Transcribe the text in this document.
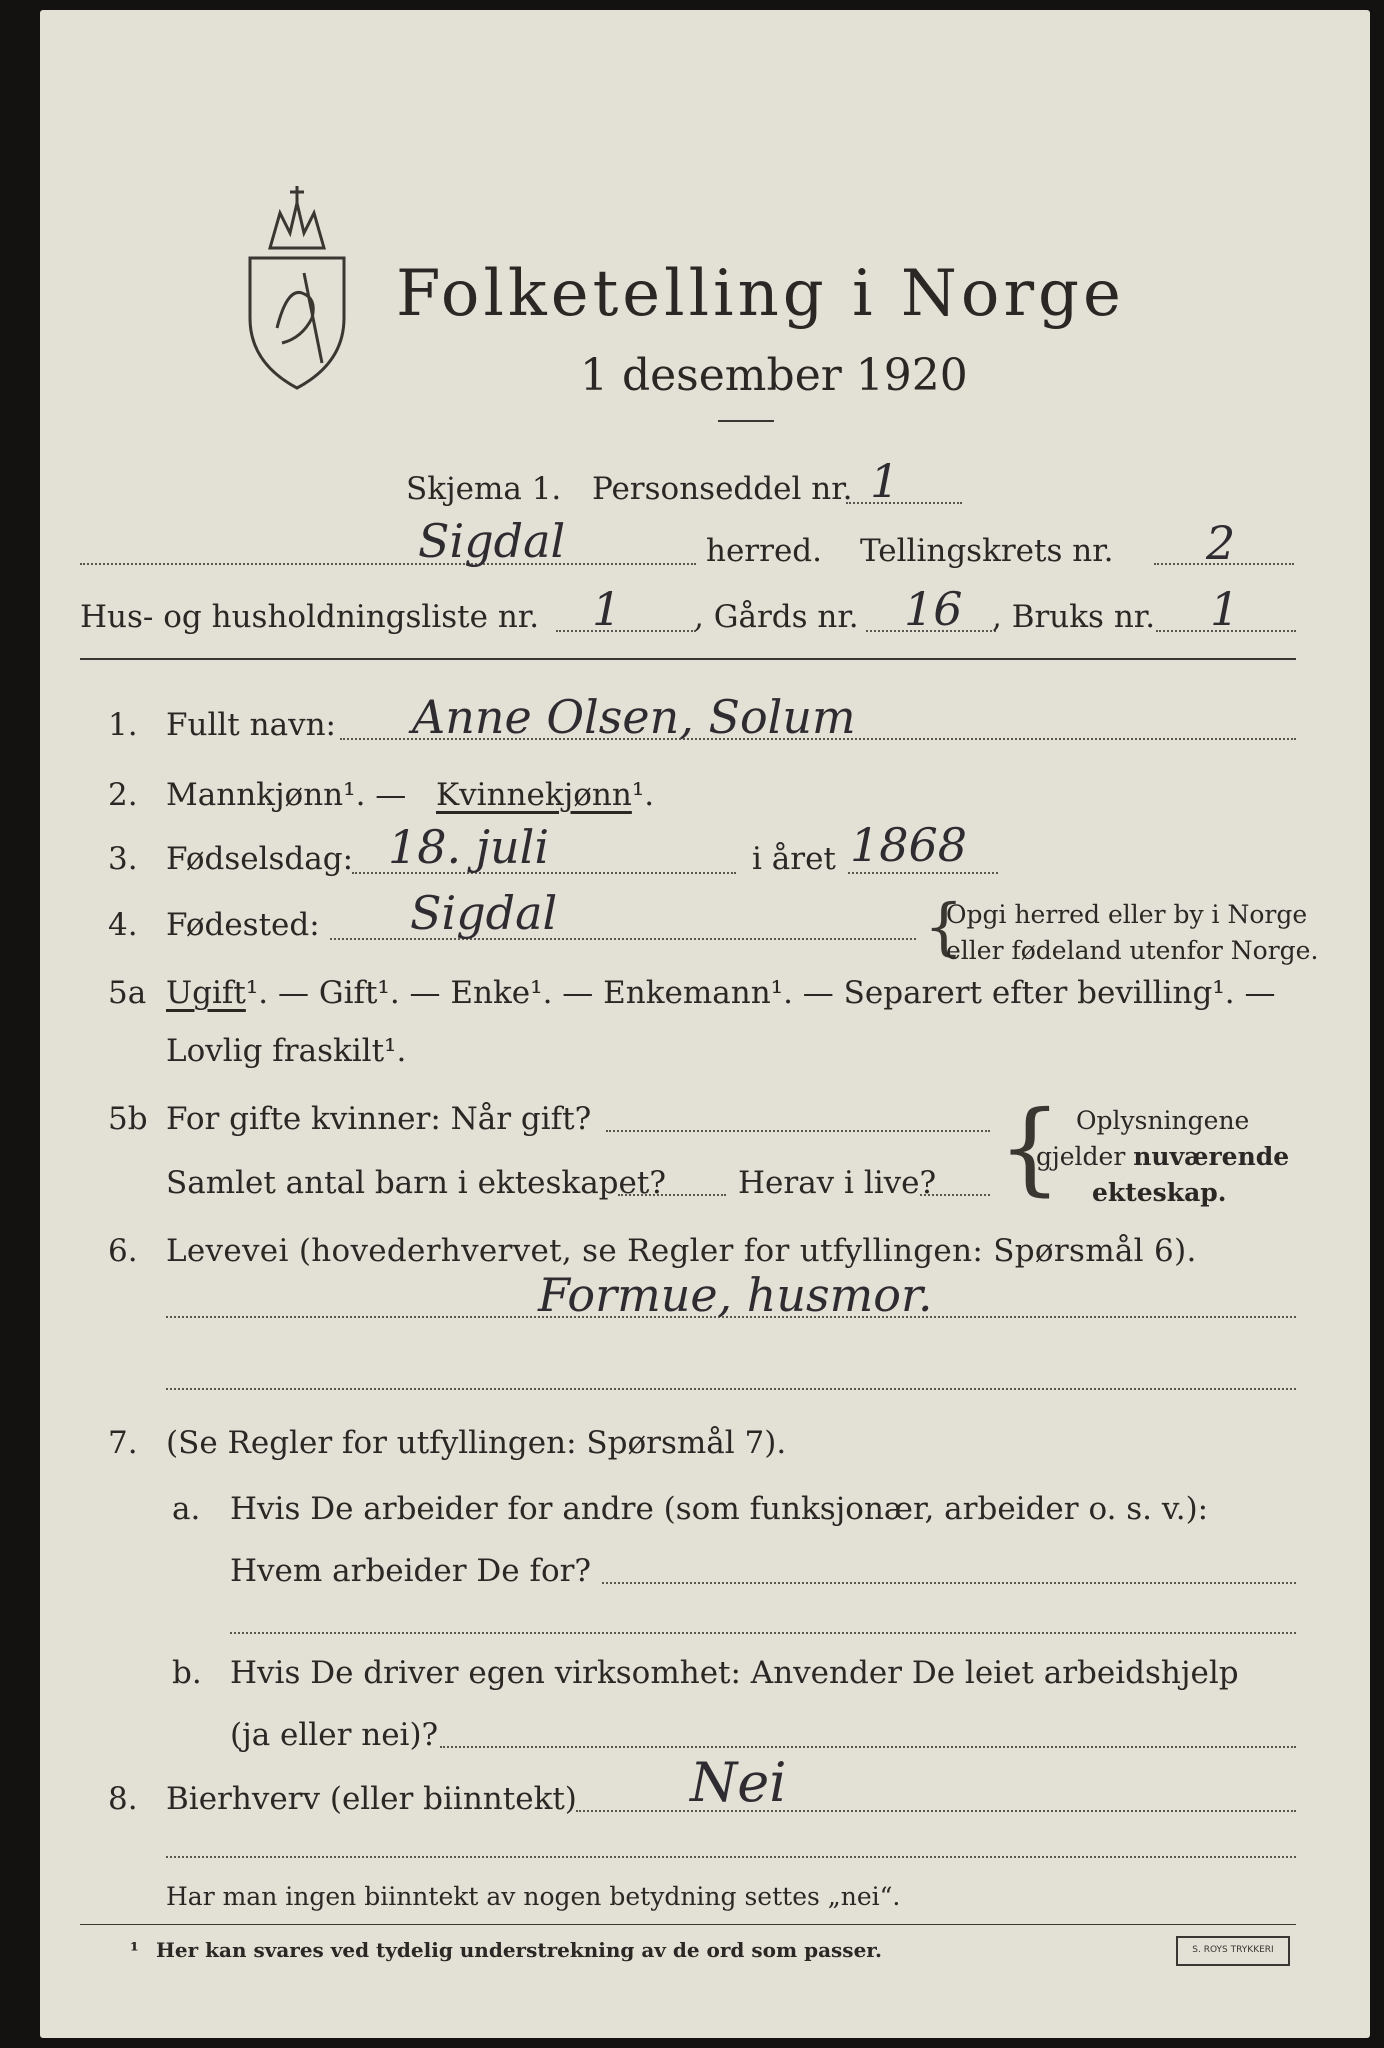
Folketelling i Norge
1 desember 1920
Skjema 1. Personseddel nr. 1
Sigdal	herred. Tellingskrets nr. 2
Hus- og husholdningsliste nr. 1 , Gårds nr. 16 , Bruks nr. 1
1. Fullt navn: Anne Olsen, Solum
2. Mannkjønn¹. — Kvinnekjønn¹.
3. Fødselsdag: 18. juli	i året 1868
4. Fødested: Sigdal	{
Opgi herred eller by i Norge
eller fødeland utenfor Norge.
5a Ugift¹. — Gift¹. — Enke¹. — Enkemann¹. — Separert efter bevilling¹. —
Lovlig fraskilt¹.
5b For gifte kvinner: Når gift?
Samlet antal barn i ekteskapet? Herav i live? { Oplysningene
gjelder nuværende
ekteskap.
6. Levevei (hovederhvervet, se Regler for utfyllingen: Spørsmål 6).
Formue, husmor.
7. (Se Regler for utfyllingen: Spørsmål 7).
a. Hvis De arbeider for andre (som funksjonær, arbeider o. s. v.):
Hvem arbeider De for?
b. Hvis De driver egen virksomhet: Anvender De leiet arbeidshjelp
(ja eller nei)?
8. Bierhverv (eller biinntekt) Nei
Har man ingen biinntekt av nogen betydning settes „nei“.
¹ Her kan svares ved tydelig understrekning av de ord som passer.	S. ROYS TRYKKERI
